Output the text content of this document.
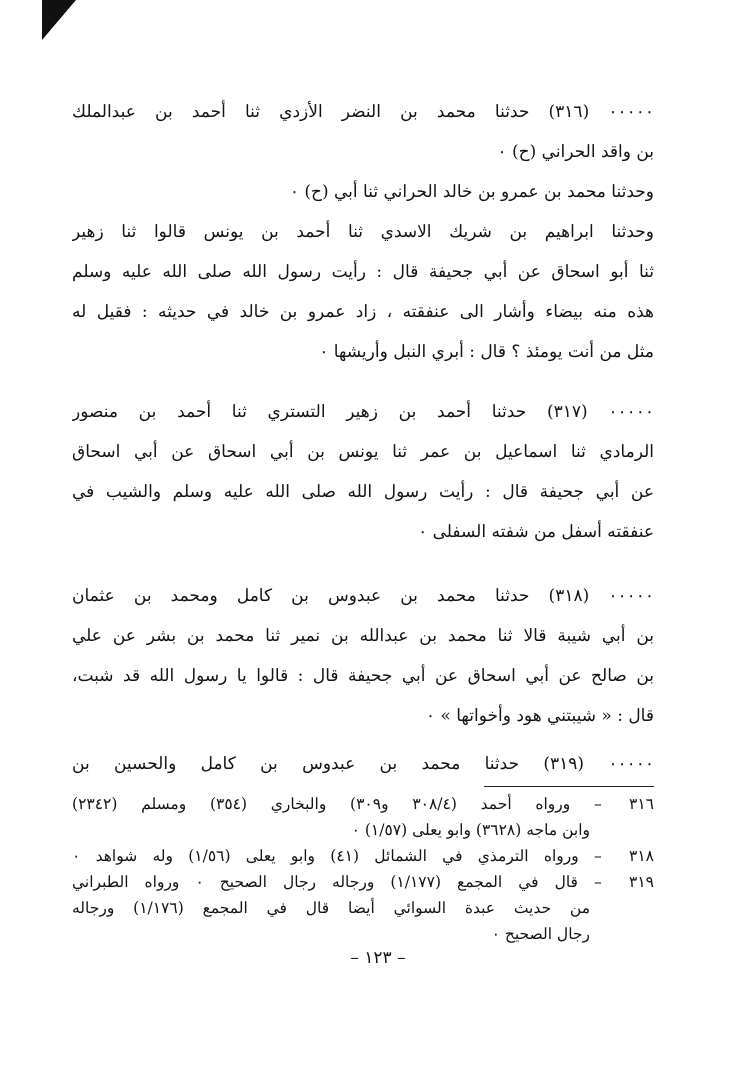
٠٠٠٠٠ (٣١٦) حدثنا محمد بن النضر الأزدي ثنا أحمد بن عبدالملك
بن واقد الحراني (ح) ٠
وحدثنا محمد بن عمرو بن خالد الحراني ثنا أبي (ح) ٠
وحدثنا ابراهيم بن شريك الاسدي ثنا أحمد بن يونس قالوا ثنا زهير
ثنا أبو اسحاق عن أبي جحيفة قال : رأيت رسول الله صلى الله عليه وسلم
هذه منه بيضاء وأشار الى عنفقته ، زاد عمرو بن خالد في حديثه : فقيل له
مثل من أنت يومئذ ؟ قال : أبري النبل وأريشها ٠
٠٠٠٠٠ (٣١٧) حدثنا أحمد بن زهير التستري ثنا أحمد بن منصور
الرمادي ثنا اسماعيل بن عمر ثنا يونس بن أبي اسحاق عن أبي اسحاق
عن أبي جحيفة قال : رأيت رسول الله صلى الله عليه وسلم والشيب في
عنفقته أسفل من شفته السفلى ٠
٠٠٠٠٠ (٣١٨) حدثنا محمد بن عبدوس بن كامل ومحمد بن عثمان
بن أبي شيبة قالا ثنا محمد بن عبدالله بن نمير ثنا محمد بن بشر عن علي
بن صالح عن أبي اسحاق عن أبي جحيفة قال : قالوا يا رسول الله قد شبت،
قال : « شيبتني هود وأخواتها » ٠
٠٠٠٠٠ (٣١٩) حدثنا محمد بن عبدوس بن كامل والحسين بن
٣١٦ – ورواه أحمد (٣٠٨/٤ و٣٠٩) والبخاري (٣٥٤) ومسلم (٢٣٤٢)
وابن ماجه (٣٦٢٨) وابو يعلى (١/٥٧) ٠
٣١٨ – ورواه الترمذي في الشمائل (٤١) وابو يعلى (١/٥٦) وله شواهد ٠
٣١٩ – قال في المجمع (١/١٧٧) ورجاله رجال الصحيح ٠ ورواه الطبراني
من حديث عبدة السوائي أيضا قال في المجمع (١/١٧٦) ورجاله
رجال الصحيح ٠
– ١٢٣ –
